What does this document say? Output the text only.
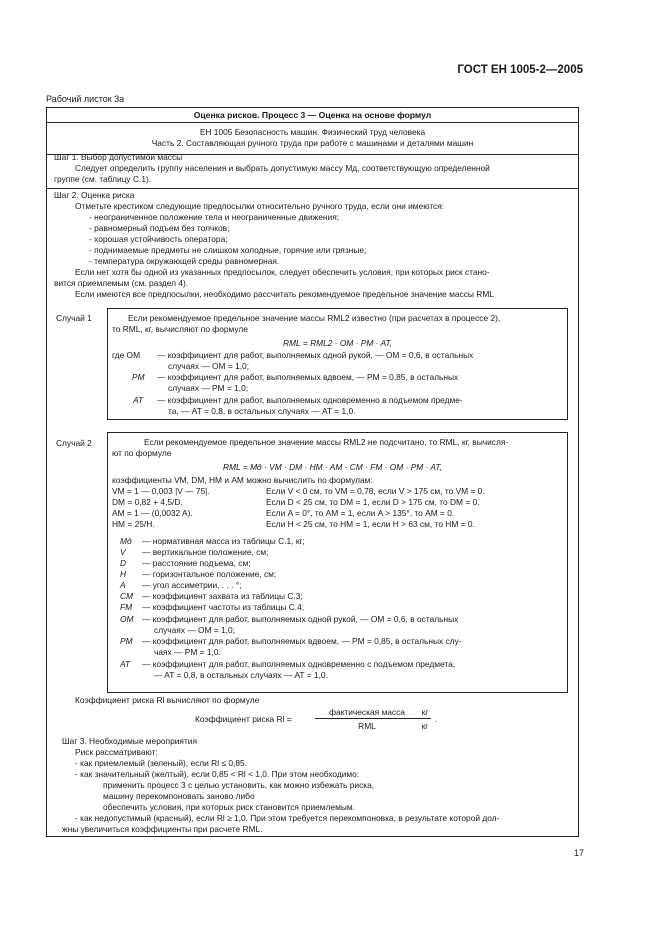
ГОСТ ЕН 1005-2—2005
Рабочий листок 3а
Оценка рисков. Процесс 3 — Оценка на основе формул
ЕН 1005 Безопасность машин. Физический труд человека
Часть 2. Составляющая ручного труда при работе с машинами и деталями машин
Шаг 1. Выбор допустимой массы
Следует определить группу населения и выбрать допустимую массу Mд, соответствующую определенной
группе (см. таблицу С.1).
Шаг 2. Оценка риска
Отметьте крестиком следующие предпосылки относительно ручного труда, если они имеются:
- неограниченное положение тела и неограниченные движения;
- равномерный подъем без толчков;
- хорошая устойчивость оператора;
- поднимаемые предметы не слишком холодные, горячие или грязные;
- температура окружающей среды равномерная.
Если нет хотя бы одной из указанных предпосылок, следует обеспечить условия, при которых риск стано-
вится приемлемым (см. раздел 4).
Если имеются все предпосылки, необходимо рассчитать рекомендуемое предельное значение массы RML
Случай 1	Если рекомендуемое предельное значение массы RML2 известно (при расчетах в процессе 2),
то RML, кг, вычисляют по формуле
RML = RML2 · OM · PM · AT,
где OM — коэффициент для работ, выполняемых одной рукой, — OM = 0,6, в остальных
случаях — OM = 1,0;
PM — коэффициент для работ, выполняемых вдвоем, — PM = 0,85, в остальных
случаях — PM = 1,0;
AT — коэффициент для работ, выполняемых одновременно в подъемом предме-
та, — AT = 0,8, в остальных случаях — AT = 1,0.
Случай 2	Если рекомендуемое предельное значение массы RML2 не подсчитано, то RML, кг, вычисля-
ют по формуле
RML = Mд · VM · DM · HM · AM · CM · FM · OM · PM · AT,
коэффициенты VM, DM, HM и AM можно вычислить по формулам:
VM = 1 — 0,003 |V — 75|.	Если V < 0 см, то VM = 0,78, если V > 175 см, то VM = 0.
DM = 0,82 + 4,5/D.	Если D < 25 см, то DM = 1, если D > 175 см, то DM = 0.
AM = 1 — (0,0032 A).	Если A = 0°, то AM = 1, если A > 135°, то AM = 0.
HM = 25/H.	Если H < 25 см, то HM = 1, если H > 63 см, то HM = 0.
Mд — нормативная масса из таблицы С.1, кг;
V — вертикальное положение, см;
D — расстояние подъема, см;
H — горизонтальное положение, см;
A — угол ассиметрии, . . . °;
CM — коэффициент захвата из таблицы С.3;
FM — коэффициент частоты из таблицы С.4;
OM — коэффициент для работ, выполняемых одной рукой, — OM = 0,6, в остальных
случаях — OM = 1,0;
PM — коэффициент для работ, выполняемых вдвоем, — PM = 0,85, в остальных слу-
чаях — PM = 1,0.
AT — коэффициент для работ, выполняемых одновременно с подъемом предмета,
— AT = 0,8, в остальных случаях — AT = 1,0.
Коэффициент риска Rl вычисляют по формуле
Коэффициент риска Rl =
фактическая масса
RML
кг
кг
.
Шаг 3. Необходимые мероприятия
Риск рассматривают:
- как приемлемый (зеленый), если Rl ≤ 0,85.
- как значительный (желтый), если 0,85 < Rl < 1,0. При этом необходимо:
применить процесс 3 с целью установить, как можно избежать риска,
машину перекомпоновать заново либо
обеспечить условия, при которых риск становится приемлемым.
- как недопустимый (красный), если Rl ≥ 1,0. При этом требуется перекомпоновка, в результате которой дол-
жны увеличиться коэффициенты при расчете RML.
17
